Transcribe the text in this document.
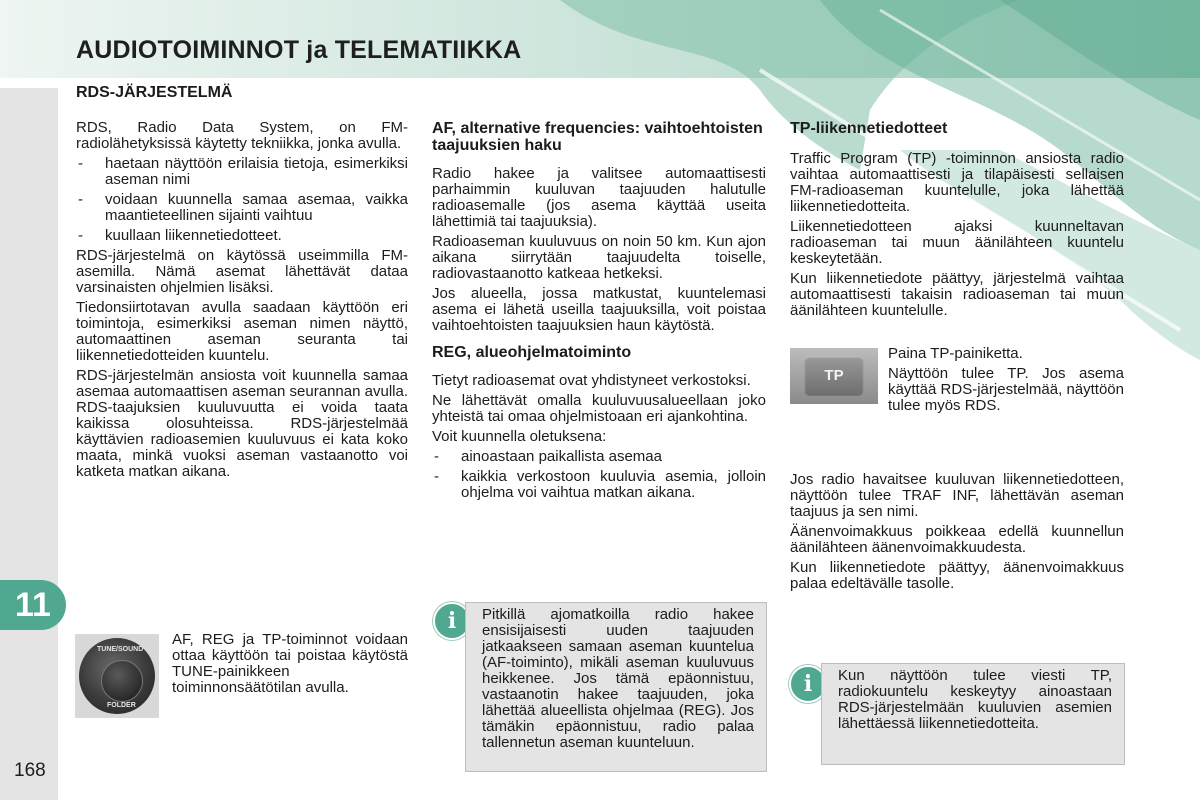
AUDIOTOIMINNOT ja TELEMATIIKKA
11
168
RDS-JÄRJESTELMÄ

RDS, Radio Data System, on FM-radiolähetyksissä käytetty tekniikka, jonka avulla.

- haetaan näyttöön erilaisia tietoja, esimerkiksi aseman nimi
- voidaan kuunnella samaa asemaa, vaikka maantieteellinen sijainti vaihtuu
- kuullaan liikennetiedotteet.

RDS-järjestelmä on käytössä useimmilla FM-asemilla. Nämä asemat lähettävät dataa varsinaisten ohjelmien lisäksi.

Tiedonsiirtotavan avulla saadaan käyttöön eri toimintoja, esimerkiksi aseman nimen näyttö, automaattinen aseman seuranta tai liikennetiedotteiden kuuntelu.

RDS-järjestelmän ansiosta voit kuunnella samaa asemaa automaattisen aseman seurannan avulla. RDS-taajuksien kuuluvuutta ei voida taata kaikissa olosuhteissa. RDS-järjestelmää käyttävien radioasemien kuuluvuus ei kata koko maata, minkä vuoksi aseman vastaanotto voi katketa matkan aikana.

TUNE/SOUND
FOLDER
AF, REG ja TP-toiminnot voidaan ottaa käyttöön tai poistaa käytöstä TUNE-painikkeen toiminnonsäätötilan avulla.
AF, alternative frequencies: vaihtoehtoisten taajuuksien haku

Radio hakee ja valitsee automaattisesti parhaimmin kuuluvan taajuuden halutulle radioasemalle (jos asema käyttää useita lähettimiä tai taajuuksia).

Radioaseman kuuluvuus on noin 50 km. Kun ajon aikana siirrytään taajuudelta toiselle, radiovastaanotto katkeaa hetkeksi.

Jos alueella, jossa matkustat, kuuntelemasi asema ei lähetä useilla taajuuksilla, voit poistaa vaihtoehtoisten taajuuksien haun käytöstä.

REG, alueohjelmatoiminto

Tietyt radioasemat ovat yhdistyneet verkostoksi.

Ne lähettävät omalla kuuluvuusalueellaan joko yhteistä tai omaa ohjelmistoaan eri ajankohtina.

Voit kuunnella oletuksena:

- ainoastaan paikallista asemaa
- kaikkia verkostoon kuuluvia asemia, jolloin ohjelma voi vaihtua matkan aikana.
i	Pitkillä ajomatkoilla radio hakee ensisijaisesti uuden taajuuden jatkaakseen samaan aseman kuuntelua (AF-toiminto), mikäli aseman kuuluvuus heikkenee. Jos tämä epäonnistuu, vastaanotin hakee taajuuden, joka lähettää alueellista ohjelmaa (REG). Jos tämäkin epäonnistuu, radio palaa tallennetun aseman kuunteluun.
TP-liikennetiedotteet

Traffic Program (TP) -toiminnon ansiosta radio vaihtaa automaattisesti ja tilapäisesti sellaisen FM-radioaseman kuuntelulle, joka lähettää liikennetiedotteita.

Liikennetiedotteen ajaksi kuunneltavan radioaseman tai muun äänilähteen kuuntelu keskeytetään.

Kun liikennetiedote päättyy, järjestelmä vaihtaa automaattisesti takaisin radioaseman tai muun äänilähteen kuuntelulle.

TP

Paina TP-painiketta.

Näyttöön tulee TP. Jos asema käyttää RDS-järjestelmää, näyttöön tulee myös RDS.

Jos radio havaitsee kuuluvan liikennetiedotteen, näyttöön tulee TRAF INF, lähettävän aseman taajuus ja sen nimi.

Äänenvoimakkuus poikkeaa edellä kuunnellun äänilähteen äänenvoimakkuudesta.

Kun liikennetiedote päättyy, äänenvoimakkuus palaa edeltävälle tasolle.

i	Kun näyttöön tulee viesti TP, radiokuuntelu keskeytyy ainoastaan RDS-järjestelmään kuuluvien asemien lähettäessä liikennetiedotteita.
